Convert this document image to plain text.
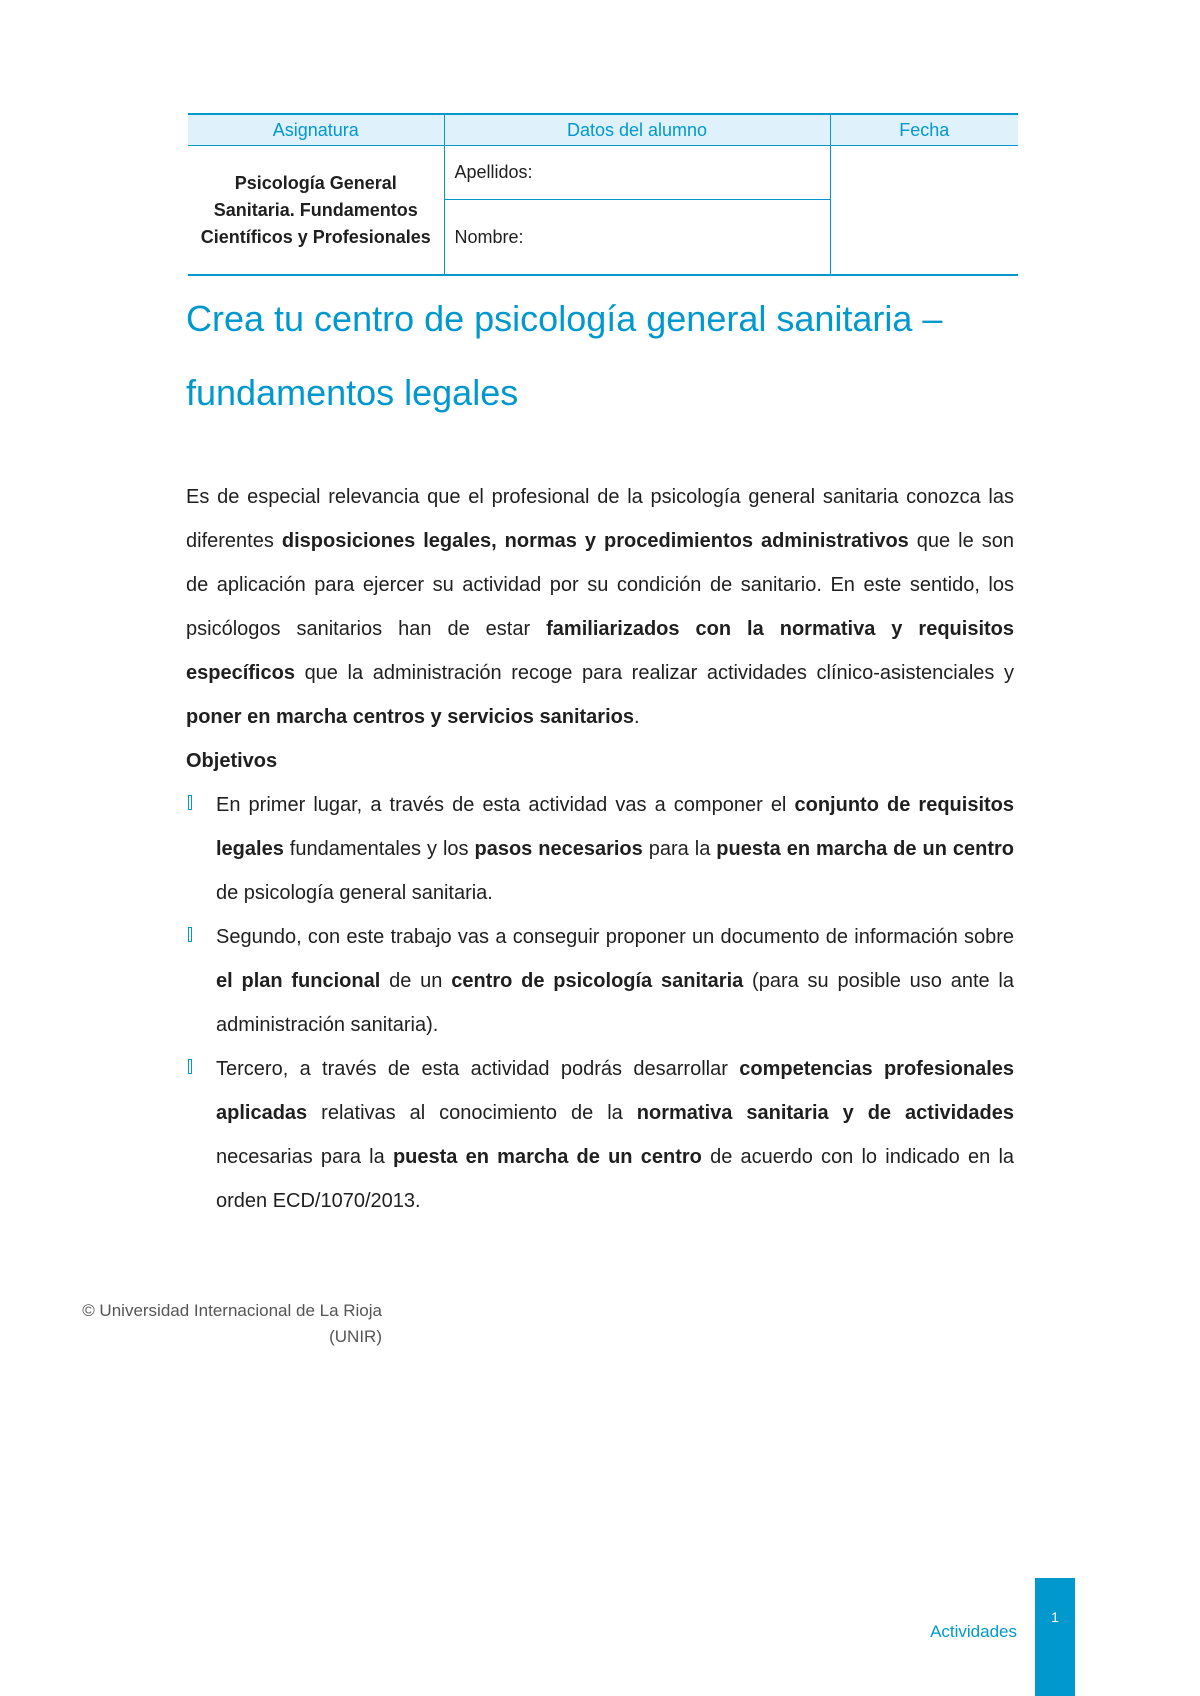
Asignatura	Datos del alumno	Fecha
Psicología General Sanitaria. Fundamentos Científicos y Profesionales	Apellidos:	
	Nombre:	
Crea tu centro de psicología general sanitaria – fundamentos legales

Es de especial relevancia que el profesional de la psicología general sanitaria conozca las diferentes disposiciones legales, normas y procedimientos administrativos que le son de aplicación para ejercer su actividad por su condición de sanitario. En este sentido, los psicólogos sanitarios han de estar familiarizados con la normativa y requisitos específicos que la administración recoge para realizar actividades clínico-asistenciales y poner en marcha centros y servicios sanitarios.

Objetivos

En primer lugar, a través de esta actividad vas a componer el conjunto de requisitos legales fundamentales y los pasos necesarios para la puesta en marcha de un centro de psicología general sanitaria.
Segundo, con este trabajo vas a conseguir proponer un documento de información sobre el plan funcional de un centro de psicología sanitaria (para su posible uso ante la administración sanitaria).
Tercero, a través de esta actividad podrás desarrollar competencias profesionales aplicadas relativas al conocimiento de la normativa sanitaria y de actividades necesarias para la puesta en marcha de un centro de acuerdo con lo indicado en la orden ECD/1070/2013.
© Universidad Internacional de La Rioja
(UNIR)
Actividades
1
